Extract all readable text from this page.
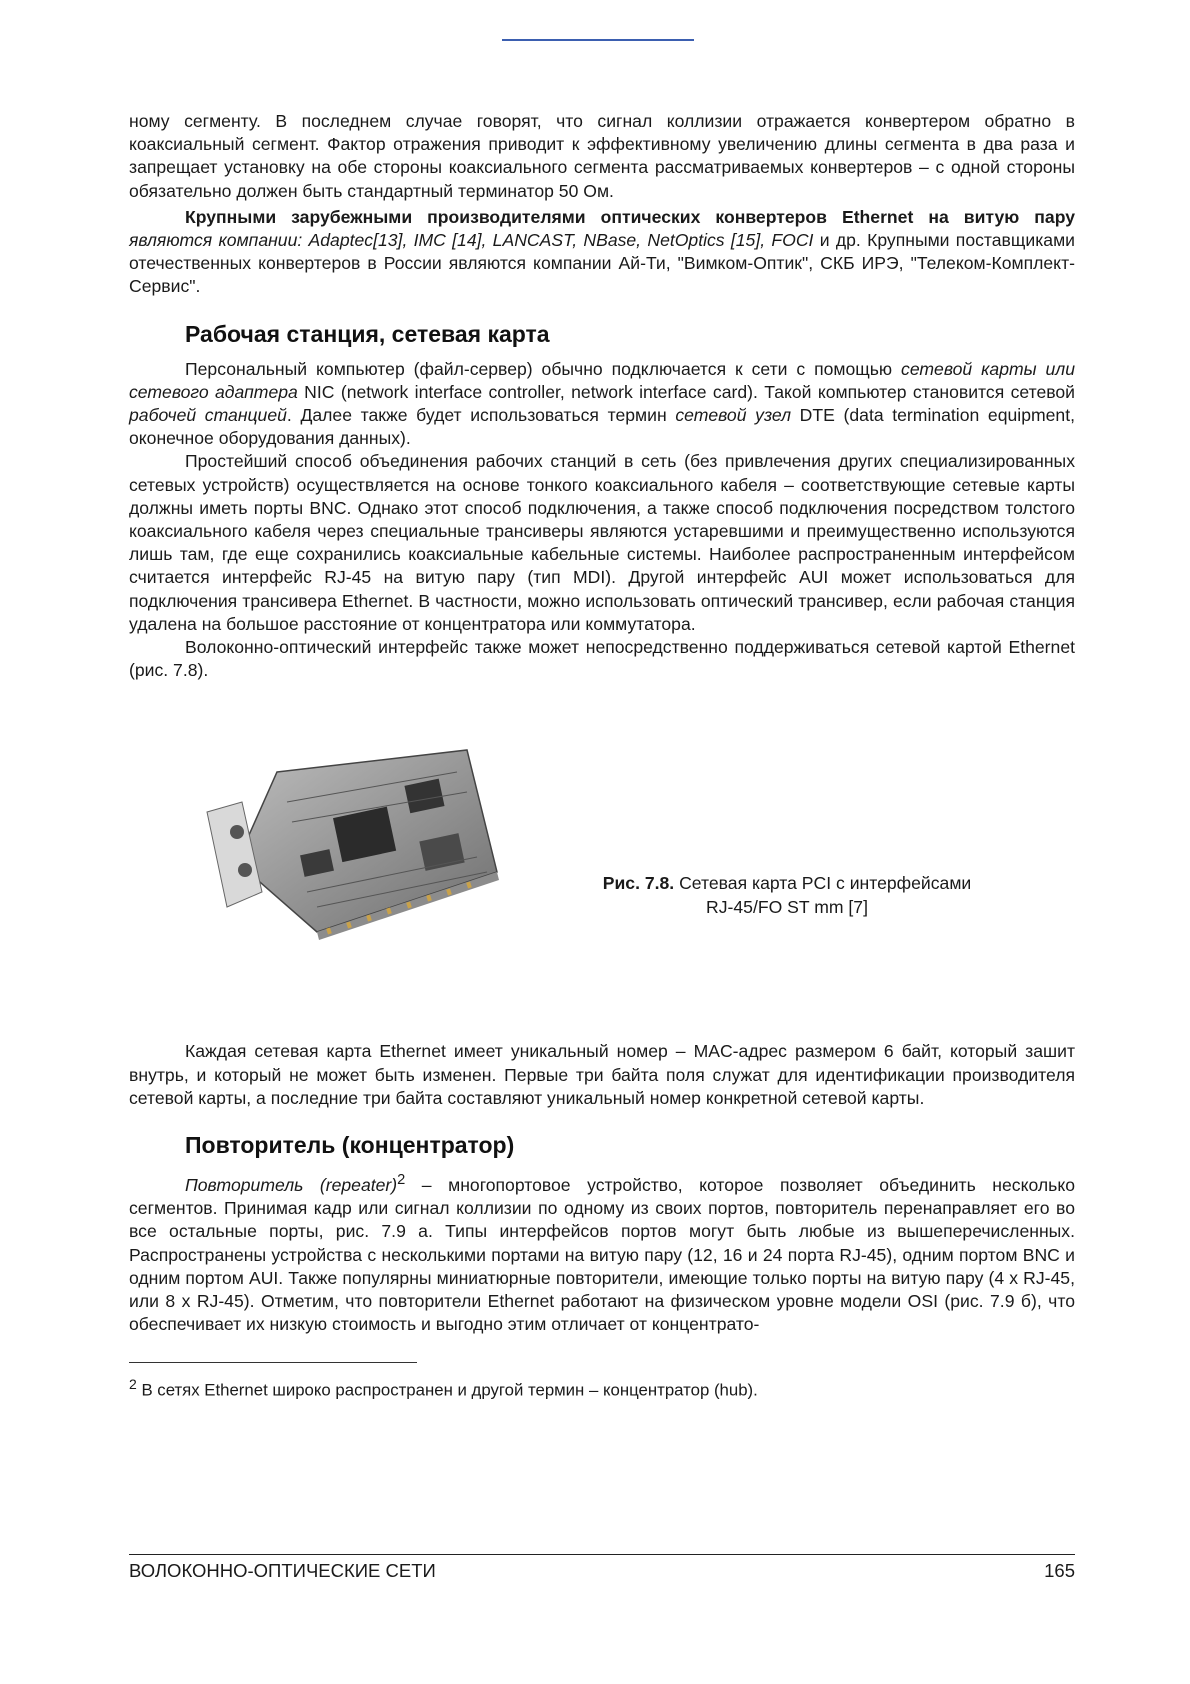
ному сегменту. В последнем случае говорят, что сигнал коллизии отражается конвертером обратно в коаксиальный сегмент. Фактор отражения приводит к эффективному увеличению длины сегмента в два раза и запрещает установку на обе стороны коаксиального сегмента рассматриваемых конвертеров – с одной стороны обязательно должен быть стандартный терминатор 50 Ом.

Крупными зарубежными производителями оптических конвертеров Ethernet на витую пару являются компании: Adaptec[13], IMC [14], LANCAST, NBase, NetOptics [15], FOCI и др. Крупными поставщиками отечественных конвертеров в России являются компании Ай-Ти, "Вимком-Оптик", СКБ ИРЭ, "Телеком-Комплект-Сервис".

Рабочая станция, сетевая карта

Персональный компьютер (файл-сервер) обычно подключается к сети с помощью сетевой карты или сетевого адаптера NIC (network interface controller, network interface card). Такой компьютер становится сетевой рабочей станцией. Далее также будет использоваться термин сетевой узел DTE (data termination equipment, оконечное оборудования данных).

Простейший способ объединения рабочих станций в сеть (без привлечения других специализированных сетевых устройств) осуществляется на основе тонкого коаксиального кабеля – соответствующие сетевые карты должны иметь порты BNC. Однако этот способ подключения, а также способ подключения посредством толстого коаксиального кабеля через специальные трансиверы являются устаревшими и преимущественно используются лишь там, где еще сохранились коаксиальные кабельные системы. Наиболее распространенным интерфейсом считается интерфейс RJ-45 на витую пару (тип MDI). Другой интерфейс AUI может использоваться для подключения трансивера Ethernet. В частности, можно использовать оптический трансивер, если рабочая станция удалена на большое расстояние от концентратора или коммутатора.

Волоконно-оптический интерфейс также может непосредственно поддерживаться сетевой картой Ethernet (рис. 7.8).

Рис. 7.8. Сетевая карта PCI с интерфейсами
RJ-45/FO ST mm [7]

Каждая сетевая карта Ethernet имеет уникальный номер – MAC-адрес размером 6 байт, который зашит внутрь, и который не может быть изменен. Первые три байта поля служат для идентификации производителя сетевой карты, а последние три байта составляют уникальный номер конкретной сетевой карты.

Повторитель (концентратор)

Повторитель (repeater)$^2$ – многопортовое устройство, которое позволяет объединить несколько сегментов. Принимая кадр или сигнал коллизии по одному из своих портов, повторитель перенаправляет его во все остальные порты, рис. 7.9 а. Типы интерфейсов портов могут быть любые из вышеперечисленных. Распространены устройства с несколькими портами на витую пару (12, 16 и 24 порта RJ-45), одним портом BNC и одним портом AUI. Также популярны миниатюрные повторители, имеющие только порты на витую пару (4 x RJ-45, или 8 x RJ-45). Отметим, что повторители Ethernet работают на физическом уровне модели OSI (рис. 7.9 б), что обеспечивает их низкую стоимость и выгодно этим отличает от концентрато-

$^2$ В сетях Ethernet широко распространен и другой термин – концентратор (hub).

ВОЛОКОННО-ОПТИЧЕСКИЕ СЕТИ	165
